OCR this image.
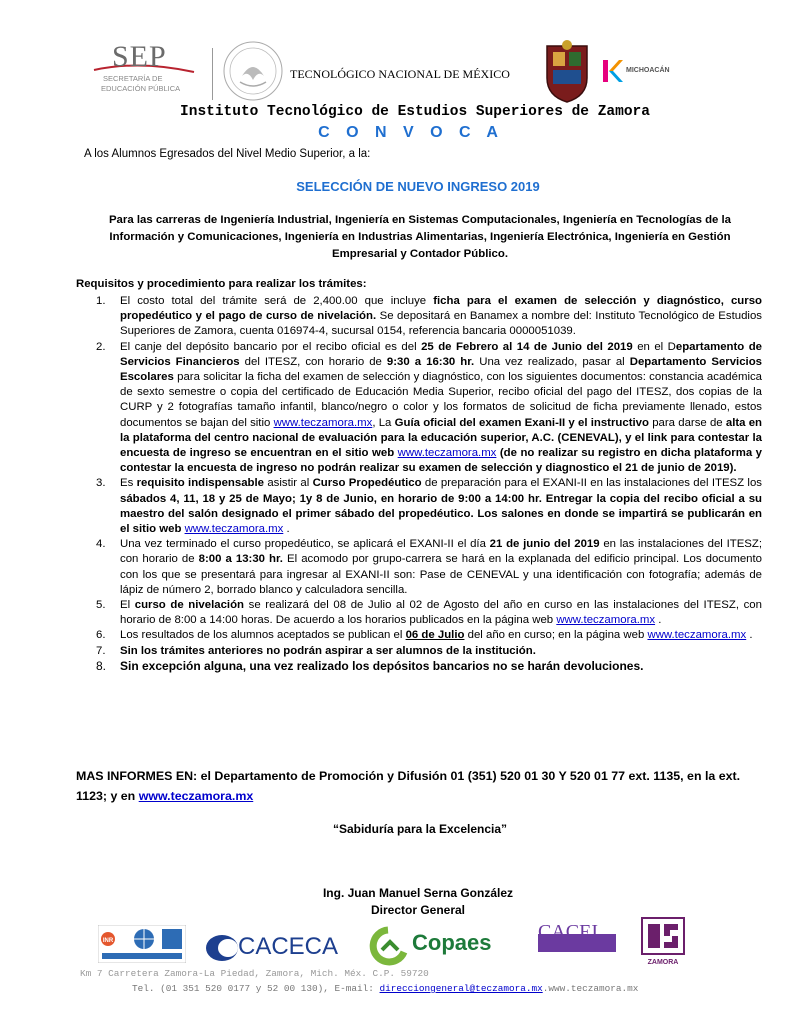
SEP
SECRETARÍA DE
EDUCACIÓN PÚBLICA
TECNOLÓGICO NACIONAL DE MÉXICO	MICHOACÁN
Instituto Tecnológico de Estudios Superiores de Zamora
C O N V O C A
A los Alumnos Egresados del Nivel Medio Superior, a la:
SELECCIÓN DE NUEVO INGRESO 2019
Para las carreras de Ingeniería Industrial, Ingeniería en Sistemas Computacionales, Ingeniería en Tecnologías de la Información y Comunicaciones, Ingeniería en Industrias Alimentarias, Ingeniería Electrónica, Ingeniería en Gestión Empresarial y Contador Público.
Requisitos y procedimiento para realizar los trámites:
1. El costo total del trámite será de 2,400.00 que incluye ficha para el examen de selección y diagnóstico, curso propedéutico y el pago de curso de nivelación. Se depositará en Banamex a nombre del: Instituto Tecnológico de Estudios Superiores de Zamora, cuenta 016974-4, sucursal 0154, referencia bancaria 0000051039.
2. El canje del depósito bancario por el recibo oficial es del 25 de Febrero al 14 de Junio del 2019 en el Departamento de Servicios Financieros del ITESZ, con horario de 9:30 a 16:30 hr. Una vez realizado, pasar al Departamento Servicios Escolares para solicitar la ficha del examen de selección y diagnóstico, con los siguientes documentos: constancia académica de sexto semestre o copia del certificado de Educación Media Superior, recibo oficial del pago del ITESZ, dos copias de la CURP y 2 fotografías tamaño infantil, blanco/negro o color y los formatos de solicitud de ficha previamente llenado, estos documentos se bajan del sitio www.teczamora.mx, La Guía oficial del examen Exani-II y el instructivo para darse de alta en la plataforma del centro nacional de evaluación para la educación superior, A.C. (CENEVAL), y el link para contestar la encuesta de ingreso se encuentran en el sitio web www.teczamora.mx (de no realizar su registro en dicha plataforma y contestar la encuesta de ingreso no podrán realizar su examen de selección y diagnostico el 21 de junio de 2019).
3. Es requisito indispensable asistir al Curso Propedéutico de preparación para el EXANI-II en las instalaciones del ITESZ los sábados 4, 11, 18 y 25 de Mayo; 1y 8 de Junio, en horario de 9:00 a 14:00 hr. Entregar la copia del recibo oficial a su maestro del salón designado el primer sábado del propedéutico. Los salones en donde se impartirá se publicarán en el sitio web www.teczamora.mx .
4. Una vez terminado el curso propedéutico, se aplicará el EXANI-II el día 21 de junio del 2019 en las instalaciones del ITESZ; con horario de 8:00 a 13:30 hr. El acomodo por grupo-carrera se hará en la explanada del edificio principal. Los documento con los que se presentará para ingresar al EXANI-II son: Pase de CENEVAL y una identificación con fotografía; además de lápiz de número 2, borrado blanco y calculadora sencilla.
5. El curso de nivelación se realizará del 08 de Julio al 02 de Agosto del año en curso en las instalaciones del ITESZ, con horario de 8:00 a 14:00 horas. De acuerdo a los horarios publicados en la página web www.teczamora.mx .
6. Los resultados de los alumnos aceptados se publican el 06 de Julio del año en curso; en la página web www.teczamora.mx .
7. Sin los trámites anteriores no podrán aspirar a ser alumnos de la institución.
8. Sin excepción alguna, una vez realizado los depósitos bancarios no se harán devoluciones.
MAS INFORMES EN: el Departamento de Promoción y Difusión 01 (351) 520 01 30 Y 520 01 77 ext. 1135, en la ext. 1123; y en www.teczamora.mx
“Sabiduría para la Excelencia”
Ing. Juan Manuel Serna González
Director General
INR	CACECA	Copaes CACEI
ZAMORA
Km 7 Carretera Zamora-La Piedad, Zamora, Mich. Méx. C.P. 59720
Tel. (01 351 520 0177 y 52 00 130), E-mail: direcciongeneral@teczamora.mx.www.teczamora.mx
